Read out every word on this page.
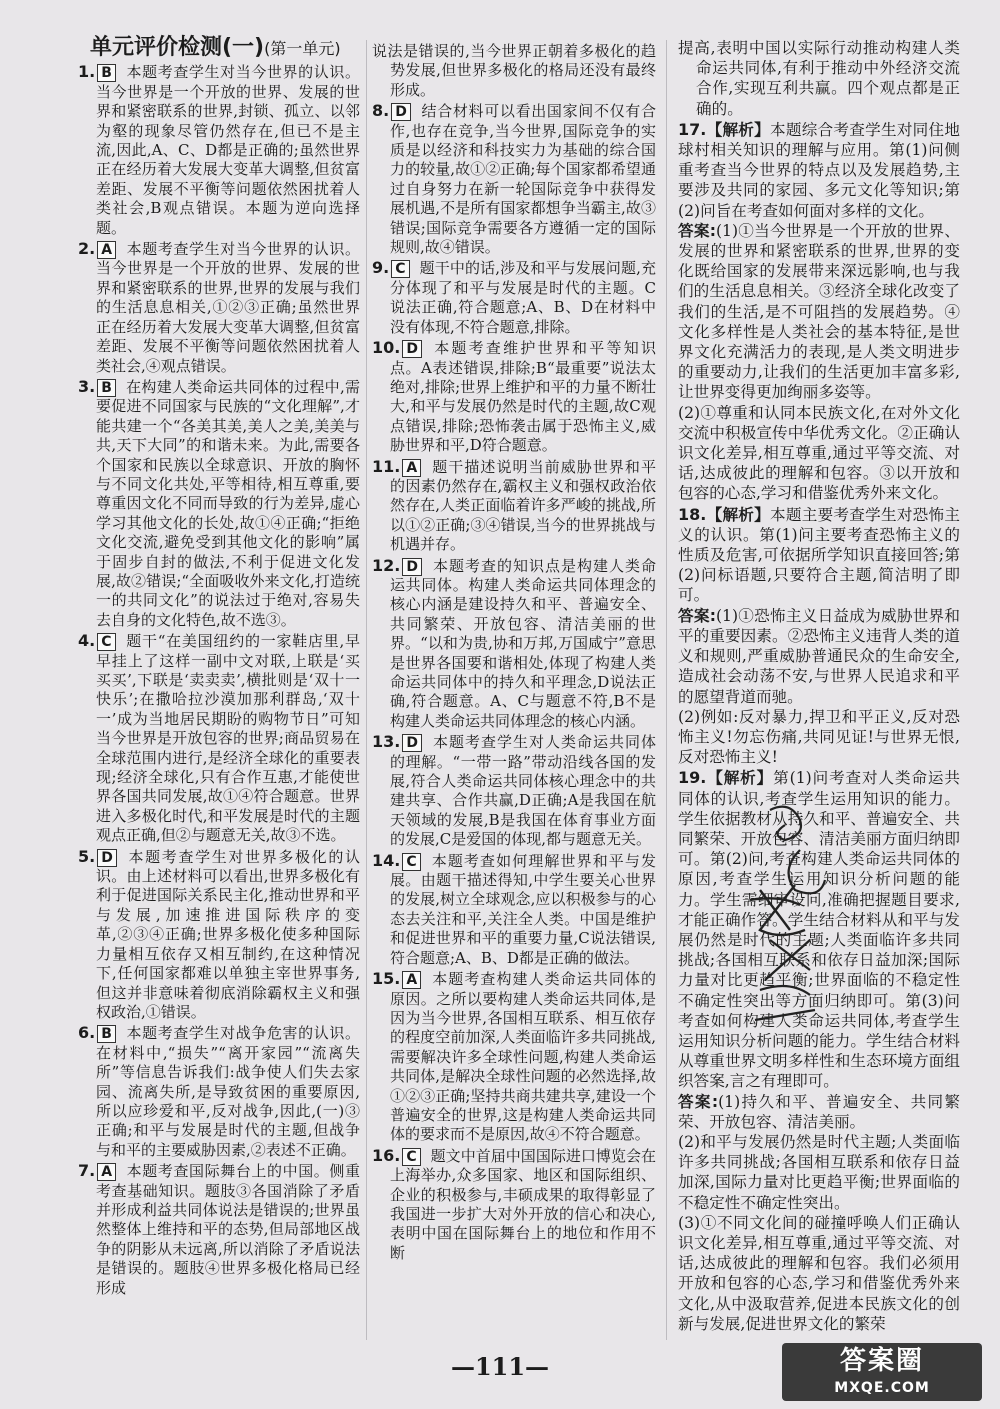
单元评价检测(一)(第一单元)
1. B 本题考查学生对当今世界的认识。当今世界是一个开放的世界、发展的世界和紧密联系的世界,封锁、孤立、以邻为壑的现象尽管仍然存在,但已不是主流,因此,A、C、D都是正确的;虽然世界正在经历着大发展大变革大调整,但贫富差距、发展不平衡等问题依然困扰着人类社会,B观点错误。本题为逆向选择题。
2. A 本题考查学生对当今世界的认识。当今世界是一个开放的世界、发展的世界和紧密联系的世界,世界的发展与我们的生活息息相关,①②③正确;虽然世界正在经历着大发展大变革大调整,但贫富差距、发展不平衡等问题依然困扰着人类社会,④观点错误。
3. B 在构建人类命运共同体的过程中,需要促进不同国家与民族的“文化理解”,才能共建一个“各美其美,美人之美,美美与共,天下大同”的和谐未来。为此,需要各个国家和民族以全球意识、开放的胸怀与不同文化共处,平等相待,相互尊重,要尊重因文化不同而导致的行为差异,虚心学习其他文化的长处,故①④正确;“拒绝文化交流,避免受到其他文化的影响”属于固步自封的做法,不利于促进文化发展,故②错误;“全面吸收外来文化,打造统一的共同文化”的说法过于绝对,容易失去自身的文化特色,故不选③。
4. C 题干“在美国纽约的一家鞋店里,早早挂上了这样一副中文对联,上联是‘买买买’,下联是‘卖卖卖’,横批则是‘双十一快乐’;在撒哈拉沙漠加那利群岛,‘双十一’成为当地居民期盼的购物节日”可知当今世界是开放包容的世界;商品贸易在全球范围内进行,是经济全球化的重要表现;经济全球化,只有合作互惠,才能使世界各国共同发展,故①④符合题意。世界进入多极化时代,和平发展是时代的主题观点正确,但②与题意无关,故③不选。
5. D 本题考查学生对世界多极化的认识。由上述材料可以看出,世界多极化有利于促进国际关系民主化,推动世界和平与发展,加速推进国际秩序的变革,②③④正确;世界多极化使多种国际力量相互依存又相互制约,在这种情况下,任何国家都难以单独主宰世界事务,但这并非意味着彻底消除霸权主义和强权政治,①错误。
6. B 本题考查学生对战争危害的认识。在材料中,“损失”“离开家园”“流离失所”等信息告诉我们:战争使人们失去家园、流离失所,是导致贫困的重要原因,所以应珍爱和平,反对战争,因此,(一)③正确;和平与发展是时代的主题,但战争与和平的主要威胁因素,②表述不正确。
7. A 本题考查国际舞台上的中国。侧重考查基础知识。题肢③各国消除了矛盾并形成利益共同体说法是错误的;世界虽然整体上维持和平的态势,但局部地区战争的阴影从未远离,所以消除了矛盾说法是错误的。题肢④世界多极化格局已经形成
说法是错误的,当今世界正朝着多极化的趋势发展,但世界多极化的格局还没有最终形成。
8. D 结合材料可以看出国家间不仅有合作,也存在竞争,当今世界,国际竞争的实质是以经济和科技实力为基础的综合国力的较量,故①②正确;每个国家都希望通过自身努力在新一轮国际竞争中获得发展机遇,不是所有国家都想争当霸主,故③错误;国际竞争需要各方遵循一定的国际规则,故④错误。
9. C 题干中的话,涉及和平与发展问题,充分体现了和平与发展是时代的主题。C说法正确,符合题意;A、B、D在材料中没有体现,不符合题意,排除。
10. D 本题考查维护世界和平等知识点。A表述错误,排除;B“最重要”说法太绝对,排除;世界上维护和平的力量不断壮大,和平与发展仍然是时代的主题,故C观点错误,排除;恐怖袭击属于恐怖主义,威胁世界和平,D符合题意。
11. A 题干描述说明当前威胁世界和平的因素仍然存在,霸权主义和强权政治依然存在,人类正面临着许多严峻的挑战,所以①②正确;③④错误,当今的世界挑战与机遇并存。
12. D 本题考查的知识点是构建人类命运共同体。构建人类命运共同体理念的核心内涵是建设持久和平、普遍安全、共同繁荣、开放包容、清洁美丽的世界。“以和为贵,协和万邦,万国咸宁”意思是世界各国要和谐相处,体现了构建人类命运共同体中的持久和平理念,D说法正确,符合题意。A、C与题意不符,B不是构建人类命运共同体理念的核心内涵。
13. D 本题考查学生对人类命运共同体的理解。“一带一路”带动沿线各国的发展,符合人类命运共同体核心理念中的共建共享、合作共赢,D正确;A是我国在航天领域的发展,B是我国在体育事业方面的发展,C是爱国的体现,都与题意无关。
14. C 本题考查如何理解世界和平与发展。由题干描述得知,中学生要关心世界的发展,树立全球观念,应以积极参与的心态去关注和平,关注全人类。中国是维护和促进世界和平的重要力量,C说法错误,符合题意;A、B、D都是正确的做法。
15. A 本题考查构建人类命运共同体的原因。之所以要构建人类命运共同体,是因为当今世界,各国相互联系、相互依存的程度空前加深,人类面临许多共同挑战,需要解决许多全球性问题,构建人类命运共同体,是解决全球性问题的必然选择,故①②③正确;坚持共商共建共享,建设一个普遍安全的世界,这是构建人类命运共同体的要求而不是原因,故④不符合题意。
16. C 题文中首届中国国际进口博览会在上海举办,众多国家、地区和国际组织、企业的积极参与,丰硕成果的取得彰显了我国进一步扩大对外开放的信心和决心,表明中国在国际舞台上的地位和作用不断
提高,表明中国以实际行动推动构建人类命运共同体,有利于推动中外经济交流合作,实现互利共赢。四个观点都是正确的。
17.【解析】本题综合考查学生对同住地球村相关知识的理解与应用。第(1)问侧重考查当今世界的特点以及发展趋势,主要涉及共同的家园、多元文化等知识;第(2)问旨在考查如何面对多样的文化。
答案:(1)①当今世界是一个开放的世界、发展的世界和紧密联系的世界,世界的变化既给国家的发展带来深远影响,也与我们的生活息息相关。③经济全球化改变了我们的生活,是不可阻挡的发展趋势。④文化多样性是人类社会的基本特征,是世界文化充满活力的表现,是人类文明进步的重要动力,让我们的生活更加丰富多彩,让世界变得更加绚丽多姿等。
(2)①尊重和认同本民族文化,在对外文化交流中积极宣传中华优秀文化。②正确认识文化差异,相互尊重,通过平等交流、对话,达成彼此的理解和包容。③以开放和包容的心态,学习和借鉴优秀外来文化。
18.【解析】本题主要考查学生对恐怖主义的认识。第(1)问主要考查恐怖主义的性质及危害,可依据所学知识直接回答;第(2)问标语题,只要符合主题,简洁明了即可。
答案:(1)①恐怖主义日益成为威胁世界和平的重要因素。②恐怖主义违背人类的道义和规则,严重威胁普通民众的生命安全,造成社会动荡不安,与世界人民追求和平的愿望背道而驰。
(2)例如:反对暴力,捍卫和平正义,反对恐怖主义!勿忘伤痛,共同见证!与世界无恨,反对恐怖主义!
19.【解析】第(1)问考查对人类命运共同体的认识,考查学生运用知识的能力。学生依据教材从持久和平、普遍安全、共同繁荣、开放包容、清洁美丽方面归纳即可。第(2)问,考查构建人类命运共同体的原因,考查学生运用知识分析问题的能力。学生需细审设问,准确把握题目要求,才能正确作答。学生结合材料从和平与发展仍然是时代的主题;人类面临许多共同挑战;各国相互联系和依存日益加深;国际力量对比更趋平衡;世界面临的不稳定性不确定性突出等方面归纳即可。第(3)问考查如何构建人类命运共同体,考查学生运用知识分析问题的能力。学生结合材料从尊重世界文明多样性和生态环境方面组织答案,言之有理即可。
答案:(1)持久和平、普遍安全、共同繁荣、开放包容、清洁美丽。
(2)和平与发展仍然是时代主题;人类面临许多共同挑战;各国相互联系和依存日益加深,国际力量对比更趋平衡;世界面临的不稳定性不确定性突出。
(3)①不同文化间的碰撞呼唤人们正确认识文化差异,相互尊重,通过平等交流、对话,达成彼此的理解和包容。我们必须用开放和包容的心态,学习和借鉴优秀外来文化,从中汲取营养,促进本民族文化的创新与发展,促进世界文化的繁荣
—111—	答案圈
MXQE.COM
